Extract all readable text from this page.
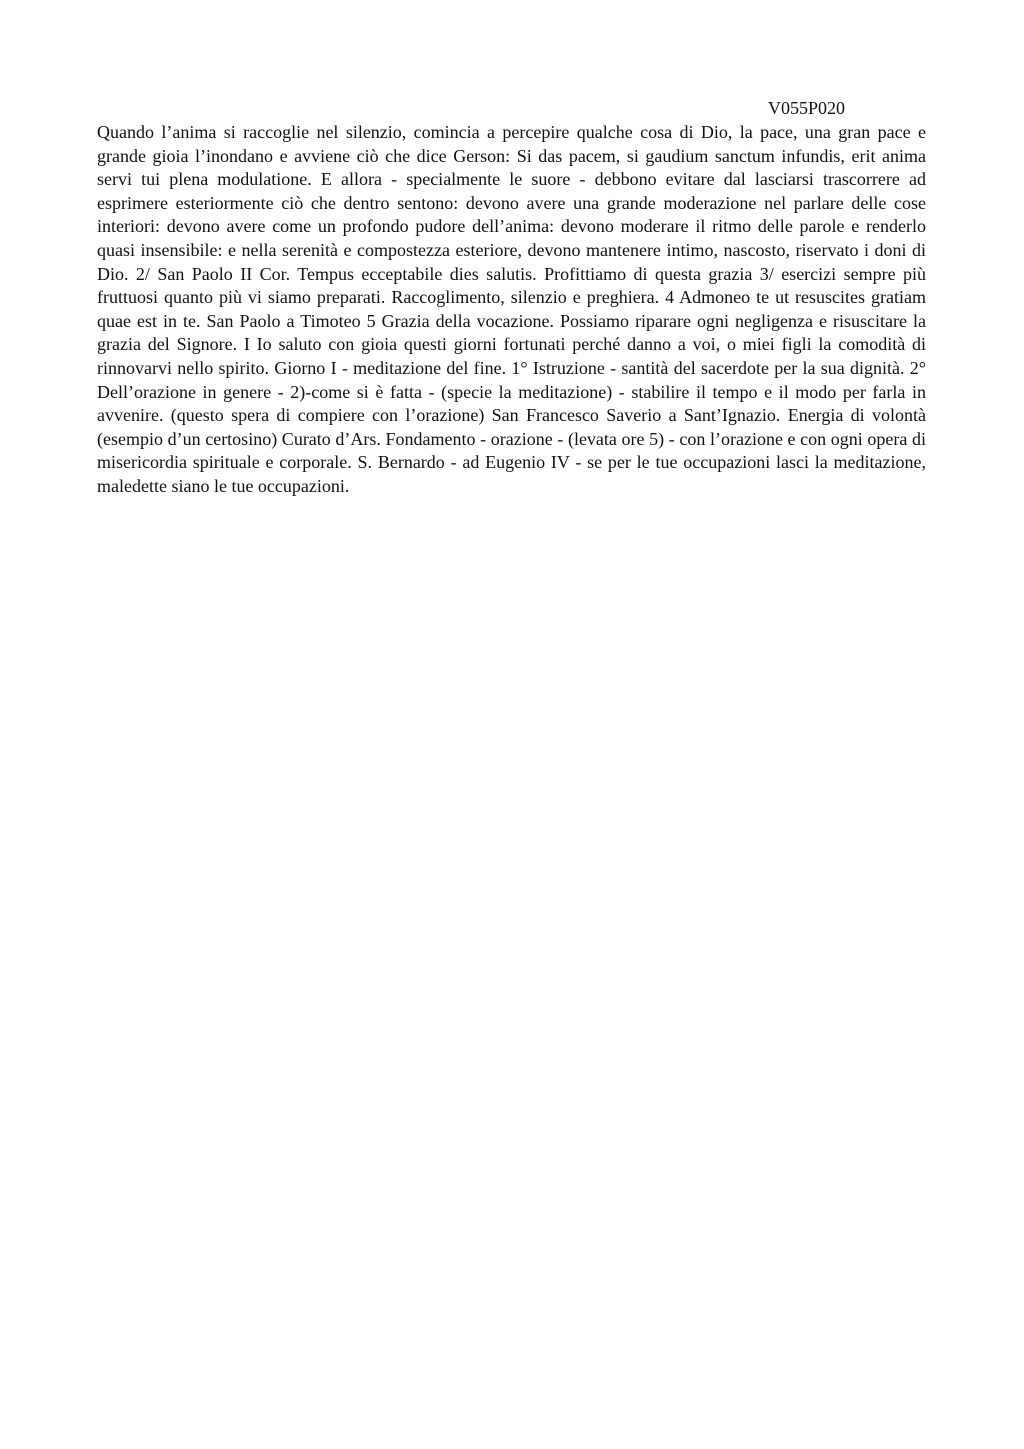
V055P020

Quando l’anima si raccoglie nel silenzio, comincia a percepire qualche cosa di Dio, la pace, una gran pace e grande gioia l’inondano e avviene ciò che dice Gerson: Si das pacem, si gaudium sanctum infundis, erit anima servi tui plena modulatione. E allora - specialmente le suore - debbono evitare dal lasciarsi trascorrere ad esprimere esteriormente ciò che dentro sentono: devono avere una grande moderazione nel parlare delle cose interiori: devono avere come un profondo pudore dell’anima: devono moderare il ritmo delle parole e renderlo quasi insensibile: e nella serenità e compostezza esteriore, devono mantenere intimo, nascosto, riservato i doni di Dio. 2/ San Paolo II Cor. Tempus ecceptabile dies salutis. Profittiamo di questa grazia 3/ esercizi sempre più fruttuosi quanto più vi siamo preparati. Raccoglimento, silenzio e preghiera. 4 Admoneo te ut resuscites gratiam quae est in te. San Paolo a Timoteo 5 Grazia della vocazione. Possiamo riparare ogni negligenza e risuscitare la grazia del Signore. I Io saluto con gioia questi giorni fortunati perché danno a voi, o miei figli la comodità di rinnovarvi nello spirito. Giorno I - meditazione del fine. 1° Istruzione - santità del sacerdote per la sua dignità. 2° Dell’orazione in genere - 2)-come si è fatta - (specie la meditazione) - stabilire il tempo e il modo per farla in avvenire. (questo spera di compiere con l’orazione) San Francesco Saverio a Sant’Ignazio. Energia di volontà (esempio d’un certosino) Curato d’Ars. Fondamento - orazione - (levata ore 5) - con l’orazione e con ogni opera di misericordia spirituale e corporale. S. Bernardo - ad Eugenio IV - se per le tue occupazioni lasci la meditazione, maledette siano le tue occupazioni.
